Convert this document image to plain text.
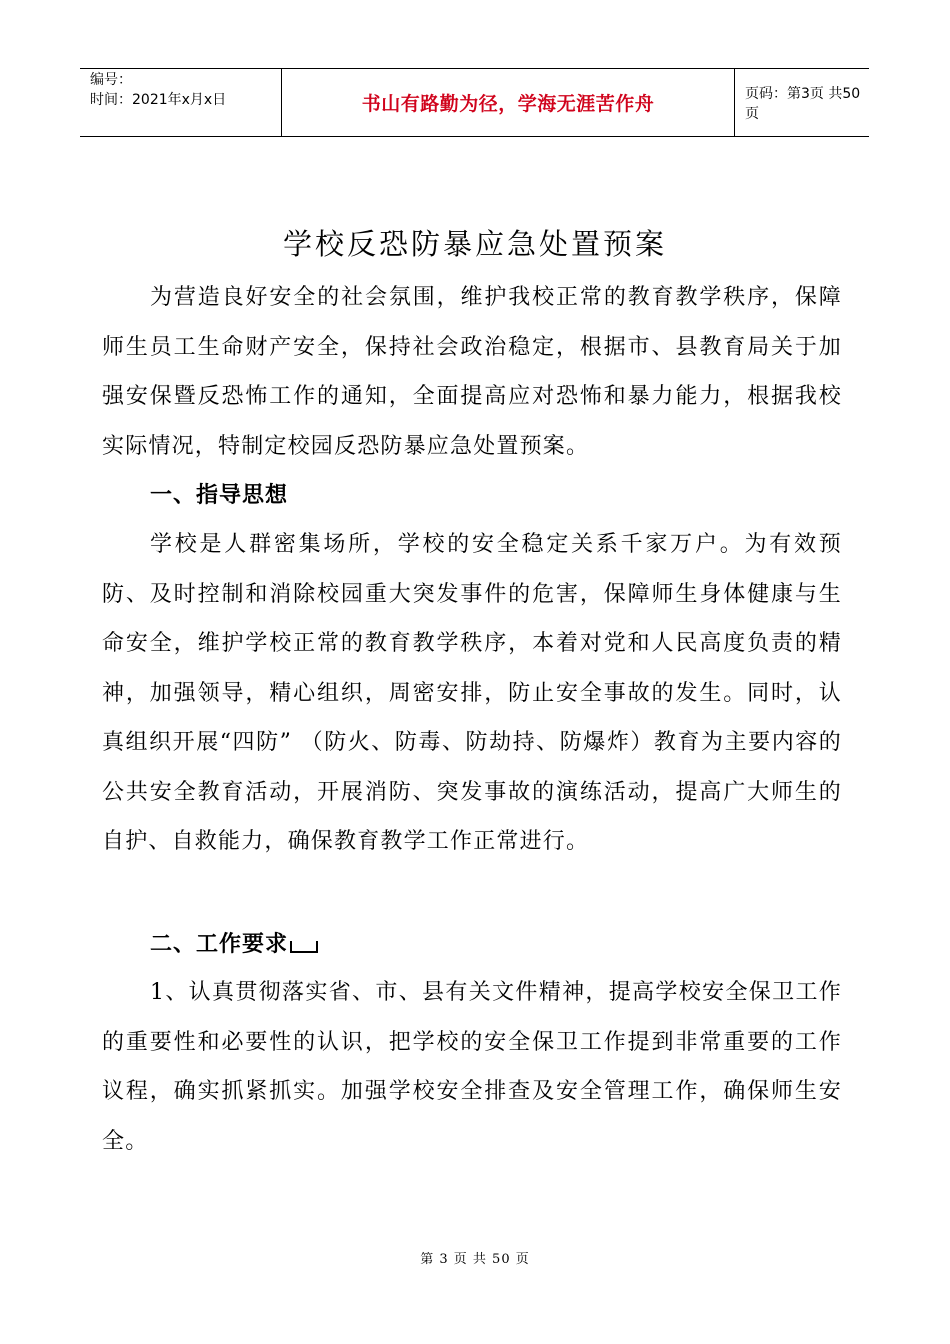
编号：
时间：2021年x月x日	书山有路勤为径，学海无涯苦作舟	页码：第3页 共50页
学校反恐防暴应急处置预案

为营造良好安全的社会氛围，维护我校正常的教育教学秩序，保障师生员工生命财产安全，保持社会政治稳定，根据市、县教育局关于加强安保暨反恐怖工作的通知，全面提高应对恐怖和暴力能力，根据我校实际情况，特制定校园反恐防暴应急处置预案。

一、指导思想

学校是人群密集场所，学校的安全稳定关系千家万户。为有效预防、及时控制和消除校园重大突发事件的危害，保障师生身体健康与生命安全，维护学校正常的教育教学秩序，本着对党和人民高度负责的精神，加强领导，精心组织，周密安排，防止安全事故的发生。同时，认真组织开展“四防” （防火、防毒、防劫持、防爆炸）教育为主要内容的公共安全教育活动，开展消防、突发事故的演练活动，提高广大师生的自护、自救能力，确保教育教学工作正常进行。

二、工作要求

1、认真贯彻落实省、市、县有关文件精神，提高学校安全保卫工作的重要性和必要性的认识，把学校的安全保卫工作提到非常重要的工作议程，确实抓紧抓实。加强学校安全排查及安全管理工作，确保师生安全。

第 3 页 共 50 页
